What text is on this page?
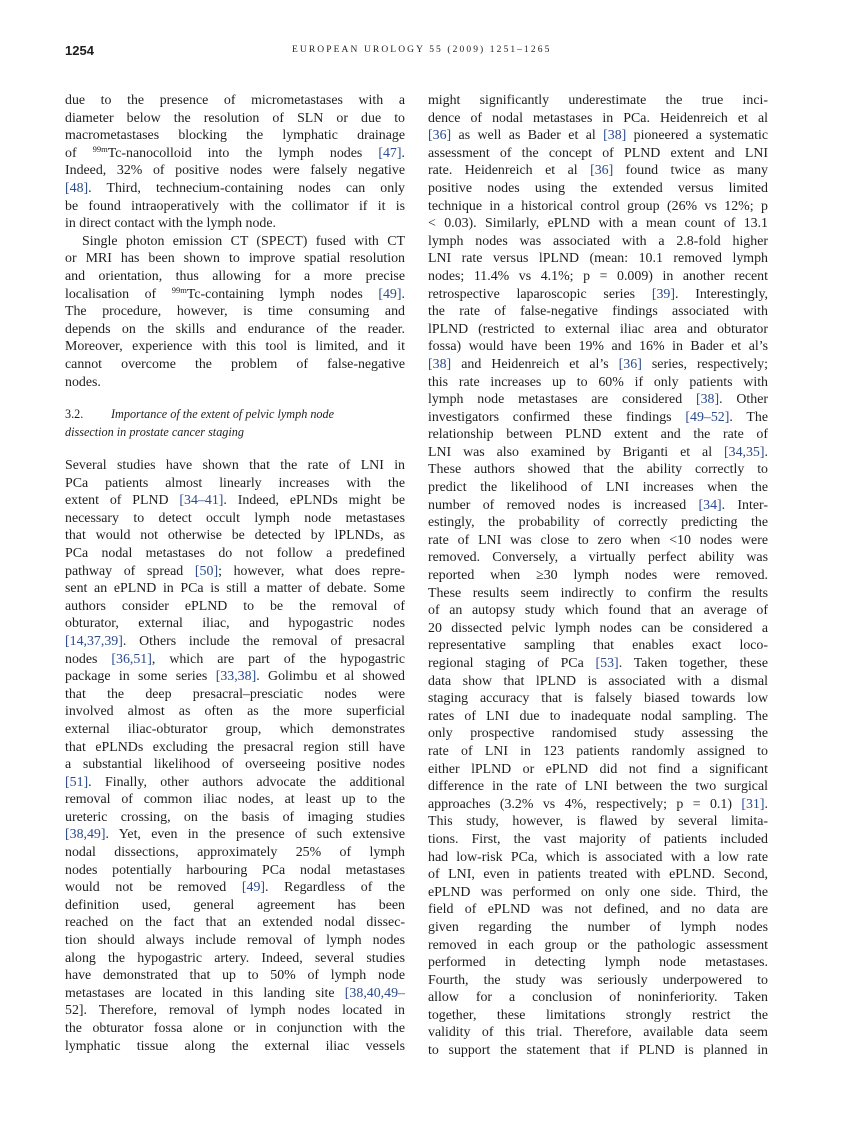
1254	EUROPEAN UROLOGY 55 (2009) 1251–1265
due to the presence of micrometastases with a
diameter below the resolution of SLN or due to
macrometastases blocking the lymphatic drainage
of $^{99m}$Tc-nanocolloid into the lymph nodes [47].
Indeed, 32% of positive nodes were falsely negative
[48]. Third, technecium-containing nodes can only
be found intraoperatively with the collimator if it is
in direct contact with the lymph node.
Single photon emission CT (SPECT) fused with CT
or MRI has been shown to improve spatial resolution
and orientation, thus allowing for a more precise
localisation of $^{99m}$Tc-containing lymph nodes [49].
The procedure, however, is time consuming and
depends on the skills and endurance of the reader.
Moreover, experience with this tool is limited, and it
cannot overcome the problem of false-negative
nodes.
3.2. Importance of the extent of pelvic lymph node
dissection in prostate cancer staging
Several studies have shown that the rate of LNI in
PCa patients almost linearly increases with the
extent of PLND [34–41]. Indeed, ePLNDs might be
necessary to detect occult lymph node metastases
that would not otherwise be detected by lPLNDs, as
PCa nodal metastases do not follow a predefined
pathway of spread [50]; however, what does repre-
sent an ePLND in PCa is still a matter of debate. Some
authors consider ePLND to be the removal of
obturator, external iliac, and hypogastric nodes
[14,37,39]. Others include the removal of presacral
nodes [36,51], which are part of the hypogastric
package in some series [33,38]. Golimbu et al showed
that the deep presacral–presciatic nodes were
involved almost as often as the more superficial
external iliac-obturator group, which demonstrates
that ePLNDs excluding the presacral region still have
a substantial likelihood of overseeing positive nodes
[51]. Finally, other authors advocate the additional
removal of common iliac nodes, at least up to the
ureteric crossing, on the basis of imaging studies
[38,49]. Yet, even in the presence of such extensive
nodal dissections, approximately 25% of lymph
nodes potentially harbouring PCa nodal metastases
would not be removed [49]. Regardless of the
definition used, general agreement has been
reached on the fact that an extended nodal dissec-
tion should always include removal of lymph nodes
along the hypogastric artery. Indeed, several studies
have demonstrated that up to 50% of lymph node
metastases are located in this landing site [38,40,49–
52]. Therefore, removal of lymph nodes located in
the obturator fossa alone or in conjunction with the
lymphatic tissue along the external iliac vessels
might significantly underestimate the true inci-
dence of nodal metastases in PCa. Heidenreich et al
[36] as well as Bader et al [38] pioneered a systematic
assessment of the concept of PLND extent and LNI
rate. Heidenreich et al [36] found twice as many
positive nodes using the extended versus limited
technique in a historical control group (26% vs 12%; p
< 0.03). Similarly, ePLND with a mean count of 13.1
lymph nodes was associated with a 2.8-fold higher
LNI rate versus lPLND (mean: 10.1 removed lymph
nodes; 11.4% vs 4.1%; p = 0.009) in another recent
retrospective laparoscopic series [39]. Interestingly,
the rate of false-negative findings associated with
lPLND (restricted to external iliac area and obturator
fossa) would have been 19% and 16% in Bader et al’s
[38] and Heidenreich et al’s [36] series, respectively;
this rate increases up to 60% if only patients with
lymph node metastases are considered [38]. Other
investigators confirmed these findings [49–52]. The
relationship between PLND extent and the rate of
LNI was also examined by Briganti et al [34,35].
These authors showed that the ability correctly to
predict the likelihood of LNI increases when the
number of removed nodes is increased [34]. Inter-
estingly, the probability of correctly predicting the
rate of LNI was close to zero when <10 nodes were
removed. Conversely, a virtually perfect ability was
reported when ≥30 lymph nodes were removed.
These results seem indirectly to confirm the results
of an autopsy study which found that an average of
20 dissected pelvic lymph nodes can be considered a
representative sampling that enables exact loco-
regional staging of PCa [53]. Taken together, these
data show that lPLND is associated with a dismal
staging accuracy that is falsely biased towards low
rates of LNI due to inadequate nodal sampling. The
only prospective randomised study assessing the
rate of LNI in 123 patients randomly assigned to
either lPLND or ePLND did not find a significant
difference in the rate of LNI between the two surgical
approaches (3.2% vs 4%, respectively; p = 0.1) [31].
This study, however, is flawed by several limita-
tions. First, the vast majority of patients included
had low-risk PCa, which is associated with a low rate
of LNI, even in patients treated with ePLND. Second,
ePLND was performed on only one side. Third, the
field of ePLND was not defined, and no data are
given regarding the number of lymph nodes
removed in each group or the pathologic assessment
performed in detecting lymph node metastases.
Fourth, the study was seriously underpowered to
allow for a conclusion of noninferiority. Taken
together, these limitations strongly restrict the
validity of this trial. Therefore, available data seem
to support the statement that if PLND is planned in
